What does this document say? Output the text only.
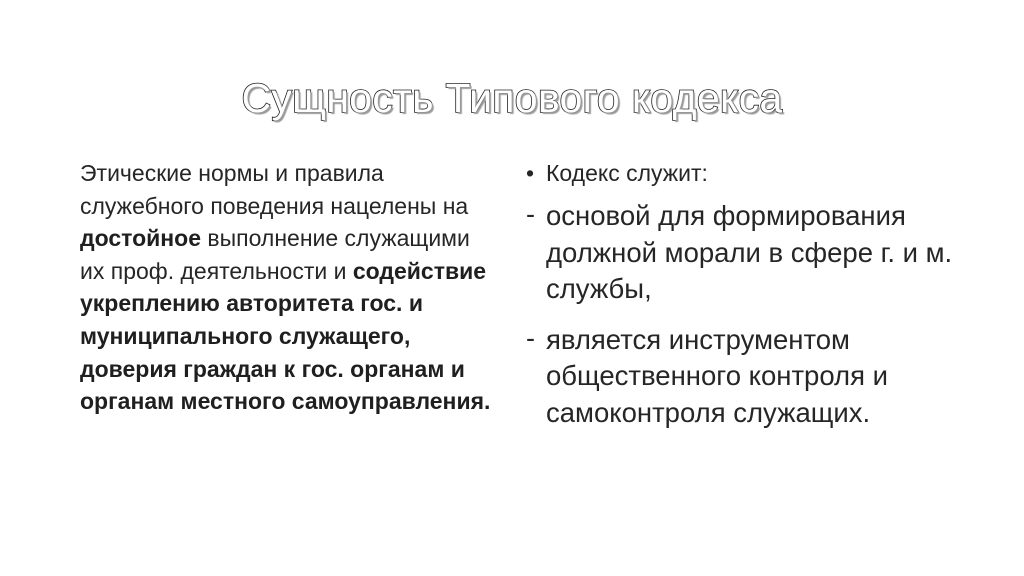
Сущность Типового кодекса
Этические нормы и правила служебного поведения нацелены на достойное выполнение служащими их проф. деятельности и содействие укреплению авторитета гос. и муниципального служащего, доверия граждан к гос. органам и органам местного самоуправления.
• Кодекс служит:
- основой для формирования должной морали в сфере г. и м. службы,
- является инструментом общественного контроля и самоконтроля служащих.
